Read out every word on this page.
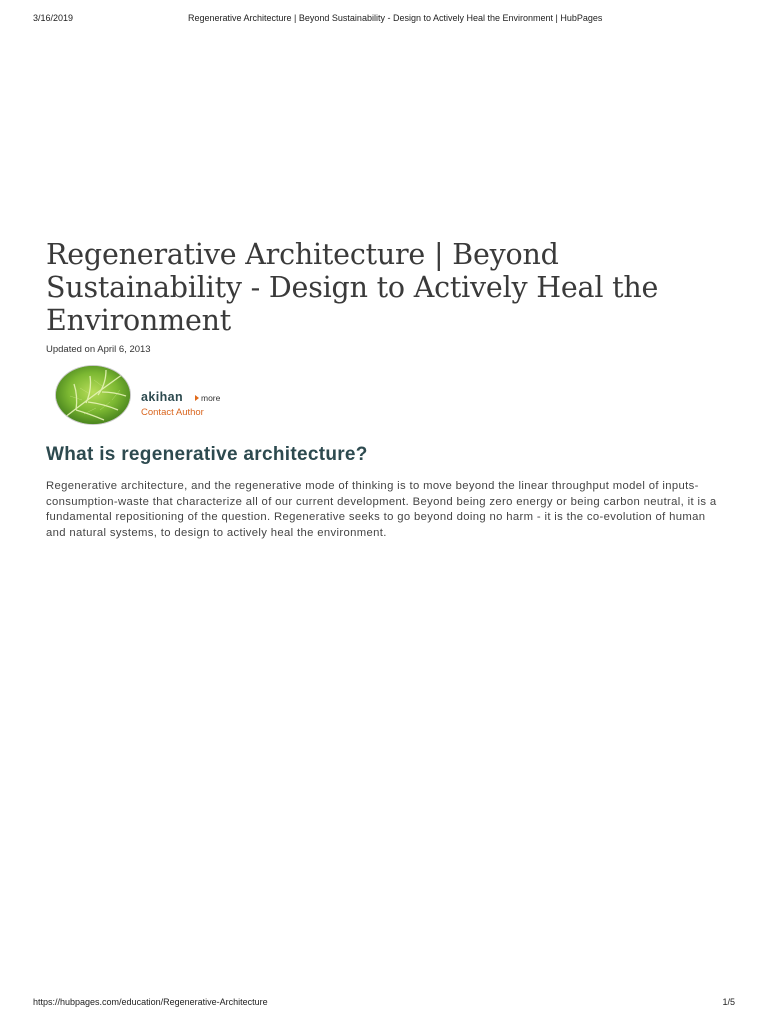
3/16/2019	Regenerative Architecture | Beyond Sustainability - Design to Actively Heal the Environment | HubPages
Regenerative Architecture | Beyond Sustainability - Design to Actively Heal the Environment
Updated on April 6, 2013
akihan more
Contact Author
What is regenerative architecture?

Regenerative architecture, and the regenerative mode of thinking is to move beyond the linear throughput model of inputs-consumption-waste that characterize all of our current development. Beyond being zero energy or being carbon neutral, it is a fundamental repositioning of the question. Regenerative seeks to go beyond doing no harm - it is the co-evolution of human and natural systems, to design to actively heal the environment.

https://hubpages.com/education/Regenerative-Architecture	1/5
